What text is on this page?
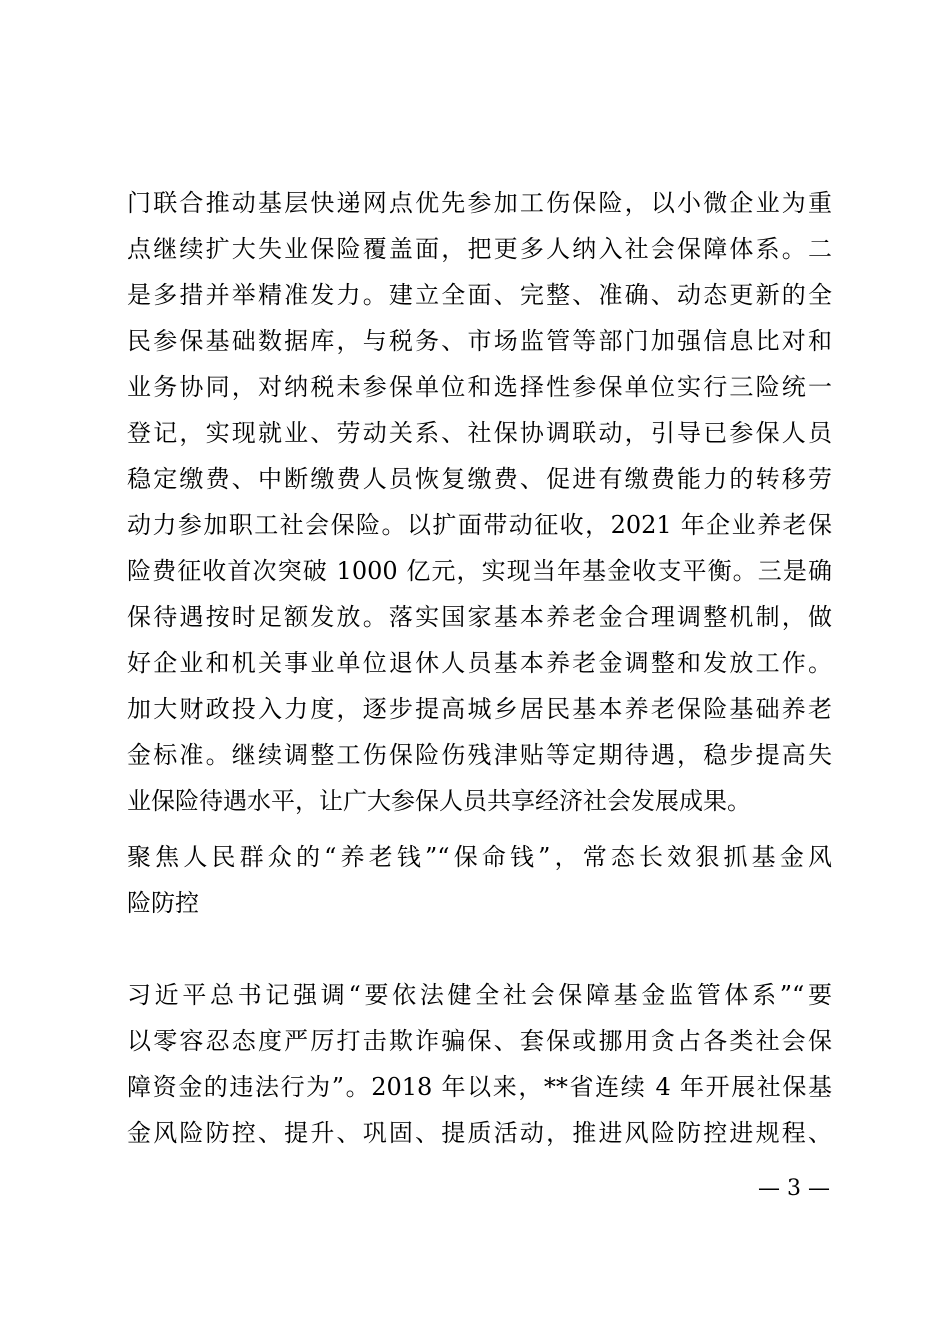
门联合推动基层快递网点优先参加工伤保险，以小微企业为重
点继续扩大失业保险覆盖面，把更多人纳入社会保障体系。二
是多措并举精准发力。建立全面、完整、准确、动态更新的全
民参保基础数据库，与税务、市场监管等部门加强信息比对和
业务协同，对纳税未参保单位和选择性参保单位实行三险统一
登记，实现就业、劳动关系、社保协调联动，引导已参保人员
稳定缴费、中断缴费人员恢复缴费、促进有缴费能力的转移劳
动力参加职工社会保险。以扩面带动征收，2021 年企业养老保
险费征收首次突破 1000 亿元，实现当年基金收支平衡。三是确
保待遇按时足额发放。落实国家基本养老金合理调整机制，做
好企业和机关事业单位退休人员基本养老金调整和发放工作。
加大财政投入力度，逐步提高城乡居民基本养老保险基础养老
金标准。继续调整工伤保险伤残津贴等定期待遇，稳步提高失
业保险待遇水平，让广大参保人员共享经济社会发展成果。
聚焦人民群众的“养老钱”“保命钱”，常态长效狠抓基金风
险防控
习近平总书记强调“要依法健全社会保障基金监管体系”“要
以零容忍态度严厉打击欺诈骗保、套保或挪用贪占各类社会保
障资金的违法行为”。2018 年以来，**省连续 4 年开展社保基
金风险防控、提升、巩固、提质活动，推进风险防控进规程、
— 3 —
